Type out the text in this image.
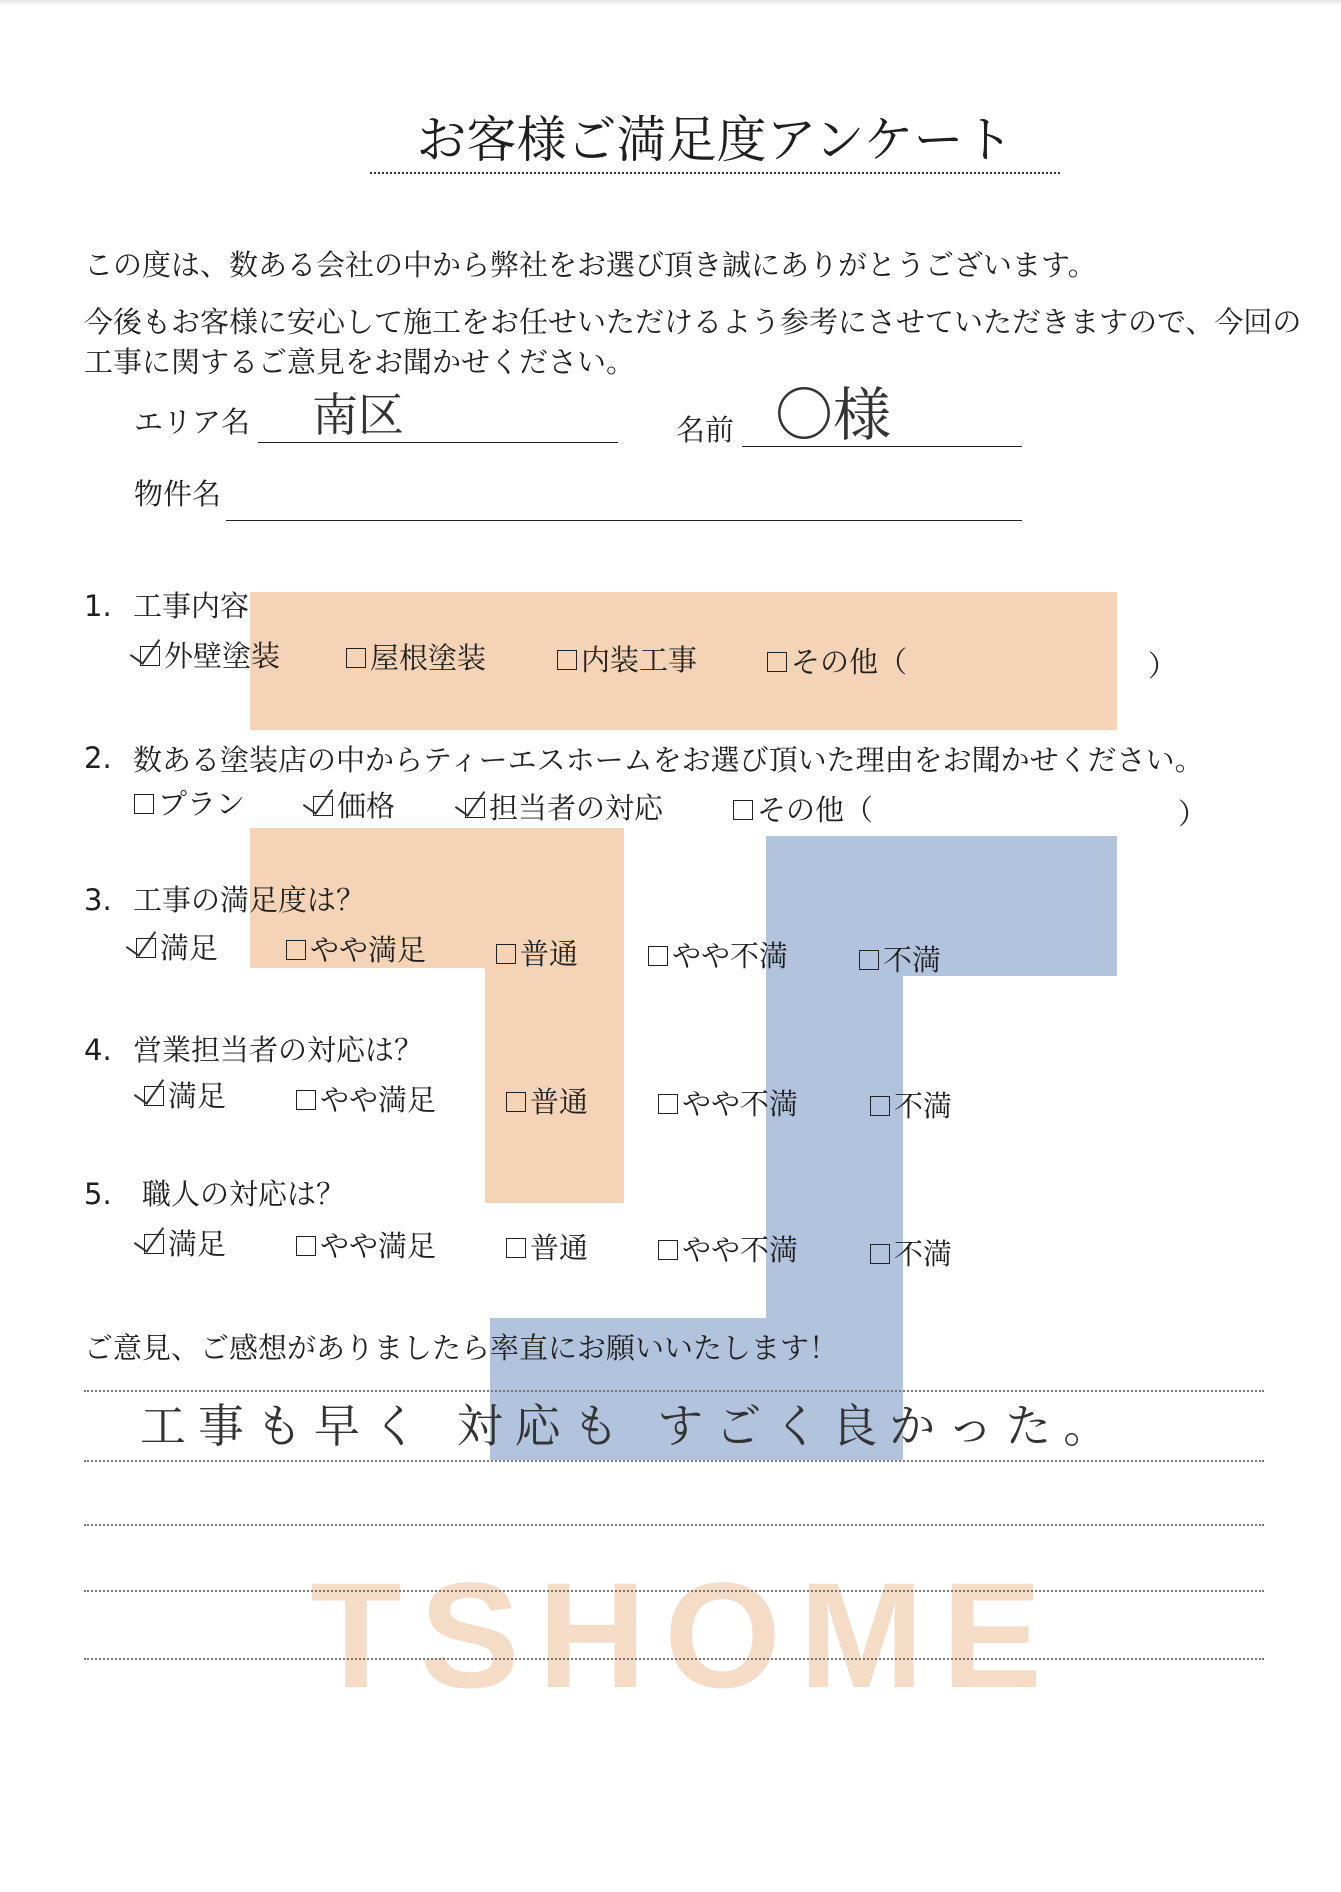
TSHOME
お客様ご満足度アンケート
この度は、数ある会社の中から弊社をお選び頂き誠にありがとうございます。
今後もお客様に安心して施工をお任せいただけるよう参考にさせていただきますので、今回の
工事に関するご意見をお聞かせください。
エリア名 南区	名前 〇様
物件名
1. 工事内容
外壁塗装	屋根塗装	内装工事	その他（	）
2. 数ある塗装店の中からティーエスホームをお選び頂いた理由をお聞かせください。
プラン	価格	担当者の対応	その他（	）
3. 工事の満足度は？
満足	やや満足	普通	やや不満	不満
4. 営業担当者の対応は？
満足	やや満足	普通	やや不満	不満
5. 職人の対応は？
満足	やや満足	普通	やや不満	不満
ご意見、ご感想がありましたら率直にお願いいたします！
工事も早く 対応も すごく良かった。
